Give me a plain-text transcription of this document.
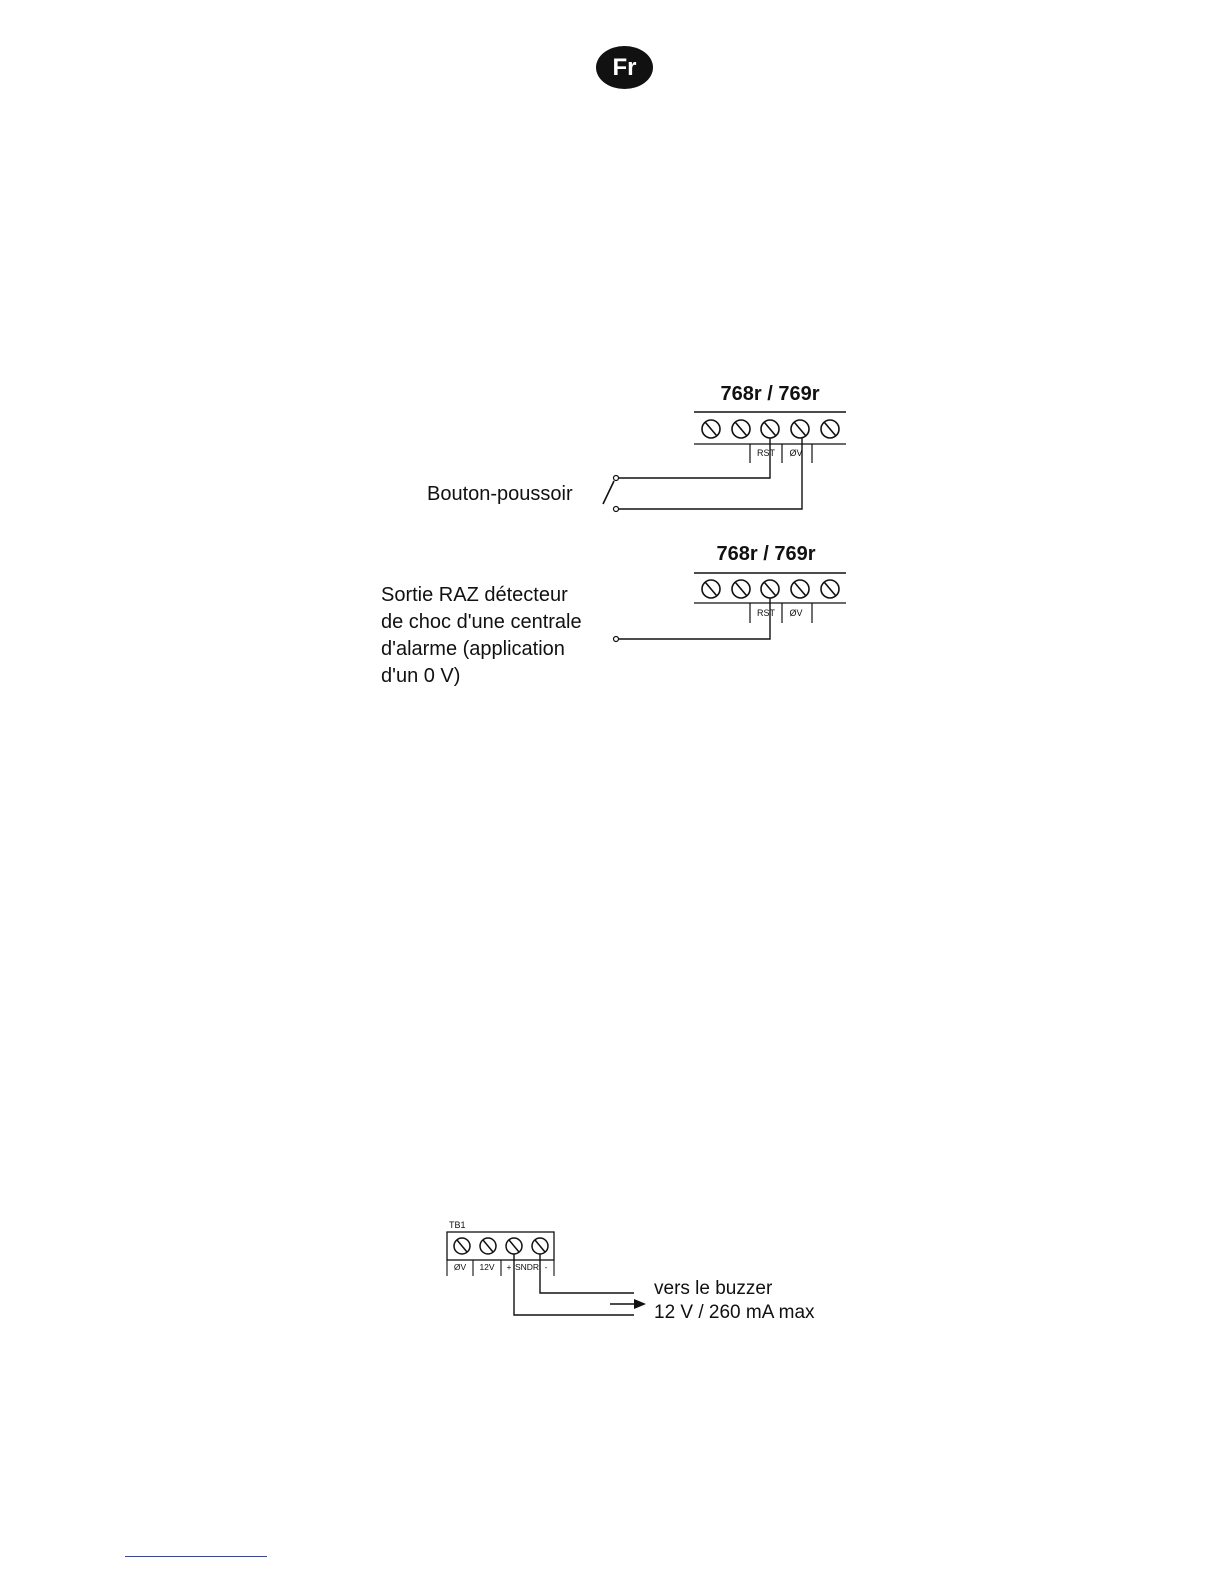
Fr
768r / 769r
RST ØV
Bouton-poussoir
768r / 769r
RST ØV
Sortie RAZ détecteur de choc d'une centrale d'alarme (application d'un 0 V)
TB1
ØV 12V + SNDR -
vers le buzzer 12 V / 260 mA max
